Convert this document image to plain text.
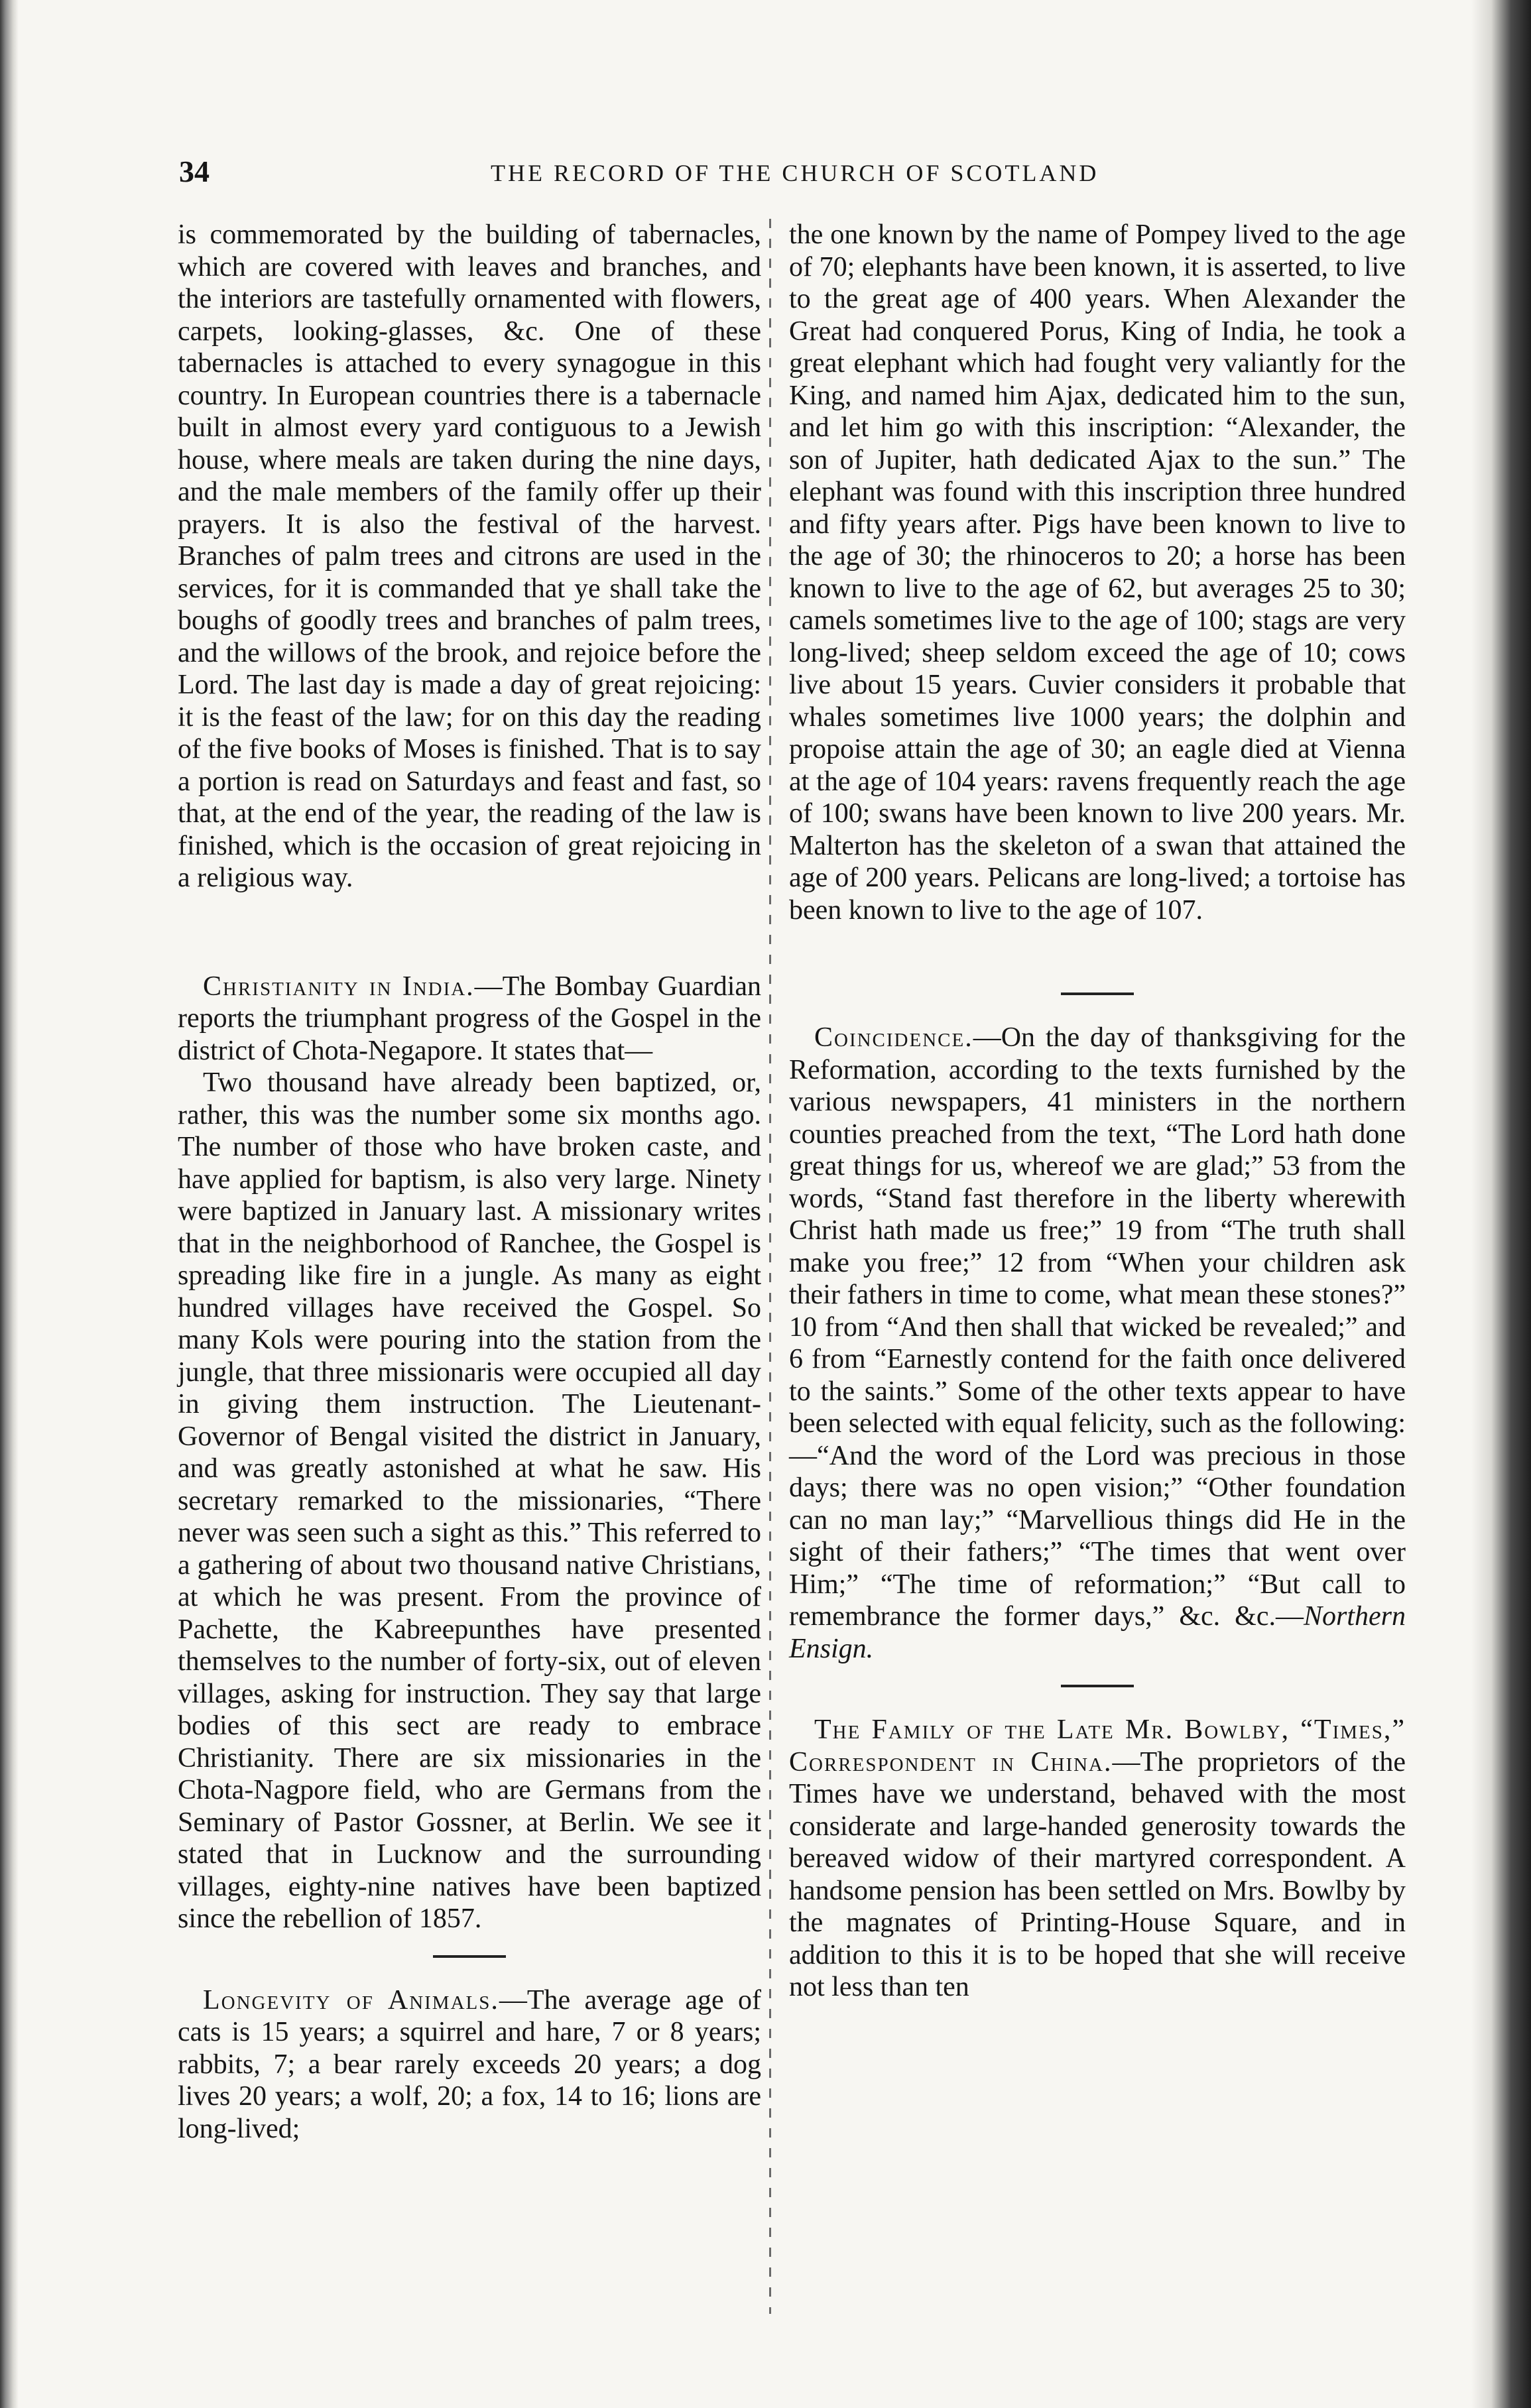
34	THE RECORD OF THE CHURCH OF SCOTLAND

is commemorated by the building of tabernacles, which are covered with leaves and branches, and the interiors are tastefully ornamented with flowers, carpets, looking-glasses, &c. One of these tabernacles is attached to every synagogue in this country. In European countries there is a tabernacle built in almost every yard contiguous to a Jewish house, where meals are taken during the nine days, and the male members of the family offer up their prayers. It is also the festival of the harvest. Branches of palm trees and citrons are used in the services, for it is commanded that ye shall take the boughs of goodly trees and branches of palm trees, and the willows of the brook, and rejoice before the Lord. The last day is made a day of great rejoicing: it is the feast of the law; for on this day the reading of the five books of Moses is finished. That is to say a portion is read on Saturdays and feast and fast, so that, at the end of the year, the reading of the law is finished, which is the occasion of great rejoicing in a religious way.

Christianity in India.—The Bombay Guardian reports the triumphant progress of the Gospel in the district of Chota-Negapore. It states that—

Two thousand have already been baptized, or, rather, this was the number some six months ago. The number of those who have broken caste, and have applied for baptism, is also very large. Ninety were baptized in January last. A missionary writes that in the neighborhood of Ranchee, the Gospel is spreading like fire in a jungle. As many as eight hundred villages have received the Gospel. So many Kols were pouring into the station from the jungle, that three missionaris were occupied all day in giving them instruction. The Lieutenant-Governor of Bengal visited the district in January, and was greatly astonished at what he saw. His secretary remarked to the missionaries, “There never was seen such a sight as this.” This referred to a gathering of about two thousand native Christians, at which he was present. From the province of Pachette, the Kabreepunthes have presented themselves to the number of forty-six, out of eleven villages, asking for instruction. They say that large bodies of this sect are ready to embrace Christianity. There are six missionaries in the Chota-Nagpore field, who are Germans from the Seminary of Pastor Gossner, at Berlin. We see it stated that in Lucknow and the surrounding villages, eighty-nine natives have been baptized since the rebellion of 1857.

Longevity of Animals.—The average age of cats is 15 years; a squirrel and hare, 7 or 8 years; rabbits, 7; a bear rarely exceeds 20 years; a dog lives 20 years; a wolf, 20; a fox, 14 to 16; lions are long-lived;

the one known by the name of Pompey lived to the age of 70; elephants have been known, it is asserted, to live to the great age of 400 years. When Alexander the Great had conquered Porus, King of India, he took a great elephant which had fought very valiantly for the King, and named him Ajax, dedicated him to the sun, and let him go with this inscription: “Alexander, the son of Jupiter, hath dedicated Ajax to the sun.” The elephant was found with this inscription three hundred and fifty years after. Pigs have been known to live to the age of 30; the rhinoceros to 20; a horse has been known to live to the age of 62, but averages 25 to 30; camels sometimes live to the age of 100; stags are very long-lived; sheep seldom exceed the age of 10; cows live about 15 years. Cuvier considers it probable that whales sometimes live 1000 years; the dolphin and propoise attain the age of 30; an eagle died at Vienna at the age of 104 years: ravens frequently reach the age of 100; swans have been known to live 200 years. Mr. Malterton has the skeleton of a swan that attained the age of 200 years. Pelicans are long-lived; a tortoise has been known to live to the age of 107.

Coincidence.—On the day of thanksgiving for the Reformation, according to the texts furnished by the various newspapers, 41 ministers in the northern counties preached from the text, “The Lord hath done great things for us, whereof we are glad;” 53 from the words, “Stand fast therefore in the liberty wherewith Christ hath made us free;” 19 from “The truth shall make you free;” 12 from “When your children ask their fathers in time to come, what mean these stones?” 10 from “And then shall that wicked be revealed;” and 6 from “Earnestly contend for the faith once delivered to the saints.” Some of the other texts appear to have been selected with equal felicity, such as the following:—“And the word of the Lord was precious in those days; there was no open vision;” “Other foundation can no man lay;” “Marvellious things did He in the sight of their fathers;” “The times that went over Him;” “The time of reformation;” “But call to remembrance the former days,” &c. &c.—Northern Ensign.

The Family of the Late Mr. Bowlby, “Times,” Correspondent in China.—The proprietors of the Times have we understand, behaved with the most considerate and large-handed generosity towards the bereaved widow of their martyred correspondent. A handsome pension has been settled on Mrs. Bowlby by the magnates of Printing-House Square, and in addition to this it is to be hoped that she will receive not less than ten
